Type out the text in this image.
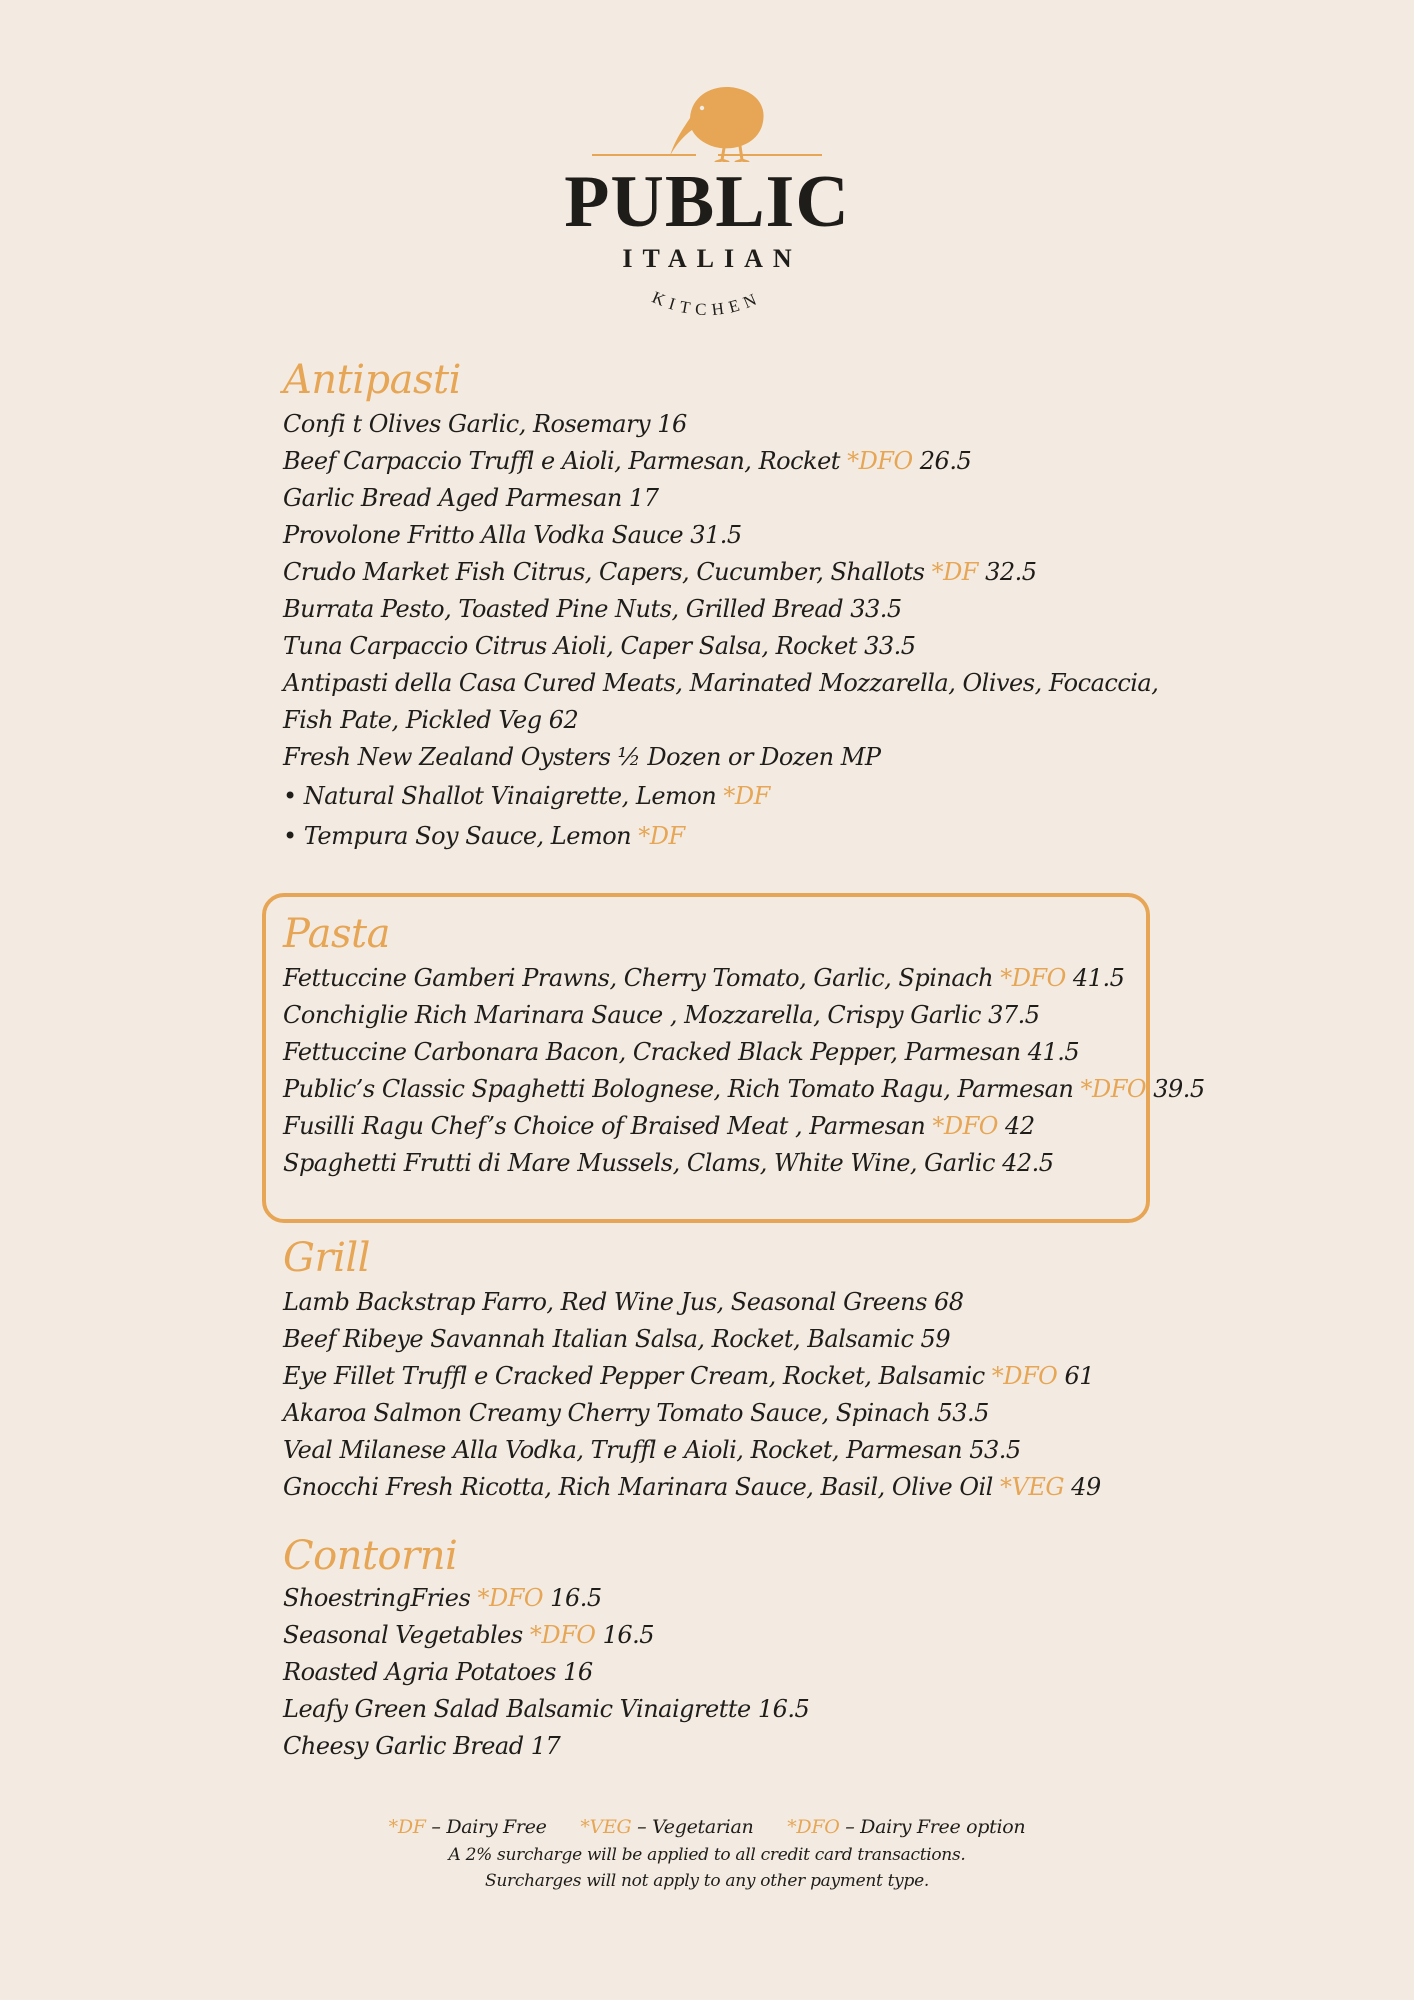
PUBLIC
ITALIAN
KITCHEN
Antipasti
Confi t Olives Garlic, Rosemary 16
Beef Carpaccio Truffl e Aioli, Parmesan, Rocket *DFO 26.5
Garlic Bread Aged Parmesan 17
Provolone Fritto Alla Vodka Sauce 31.5
Crudo Market Fish Citrus, Capers, Cucumber, Shallots *DF 32.5
Burrata Pesto, Toasted Pine Nuts, Grilled Bread 33.5
Tuna Carpaccio Citrus Aioli, Caper Salsa, Rocket 33.5
Antipasti della Casa Cured Meats, Marinated Mozzarella, Olives, Focaccia,
Fish Pate, Pickled Veg 62
Fresh New Zealand Oysters ½ Dozen or Dozen MP
• Natural Shallot Vinaigrette, Lemon *DF
• Tempura Soy Sauce, Lemon *DF
Pasta
Fettuccine Gamberi Prawns, Cherry Tomato, Garlic, Spinach *DFO 41.5
Conchiglie Rich Marinara Sauce , Mozzarella, Crispy Garlic 37.5
Fettuccine Carbonara Bacon, Cracked Black Pepper, Parmesan 41.5
Public’s Classic Spaghetti Bolognese, Rich Tomato Ragu, Parmesan *DFO 39.5
Fusilli Ragu Chef’s Choice of Braised Meat , Parmesan *DFO 42
Spaghetti Frutti di Mare Mussels, Clams, White Wine, Garlic 42.5
Grill
Lamb Backstrap Farro, Red Wine Jus, Seasonal Greens 68
Beef Ribeye Savannah Italian Salsa, Rocket, Balsamic 59
Eye Fillet Truffl e Cracked Pepper Cream, Rocket, Balsamic *DFO 61
Akaroa Salmon Creamy Cherry Tomato Sauce, Spinach 53.5
Veal Milanese Alla Vodka, Truffl e Aioli, Rocket, Parmesan 53.5
Gnocchi Fresh Ricotta, Rich Marinara Sauce, Basil, Olive Oil *VEG 49
Contorni
ShoestringFries *DFO 16.5
Seasonal Vegetables *DFO 16.5
Roasted Agria Potatoes 16
Leafy Green Salad Balsamic Vinaigrette 16.5
Cheesy Garlic Bread 17
*DF – Dairy Free *VEG – Vegetarian *DFO – Dairy Free option
A 2% surcharge will be applied to all credit card transactions.
Surcharges will not apply to any other payment type.
